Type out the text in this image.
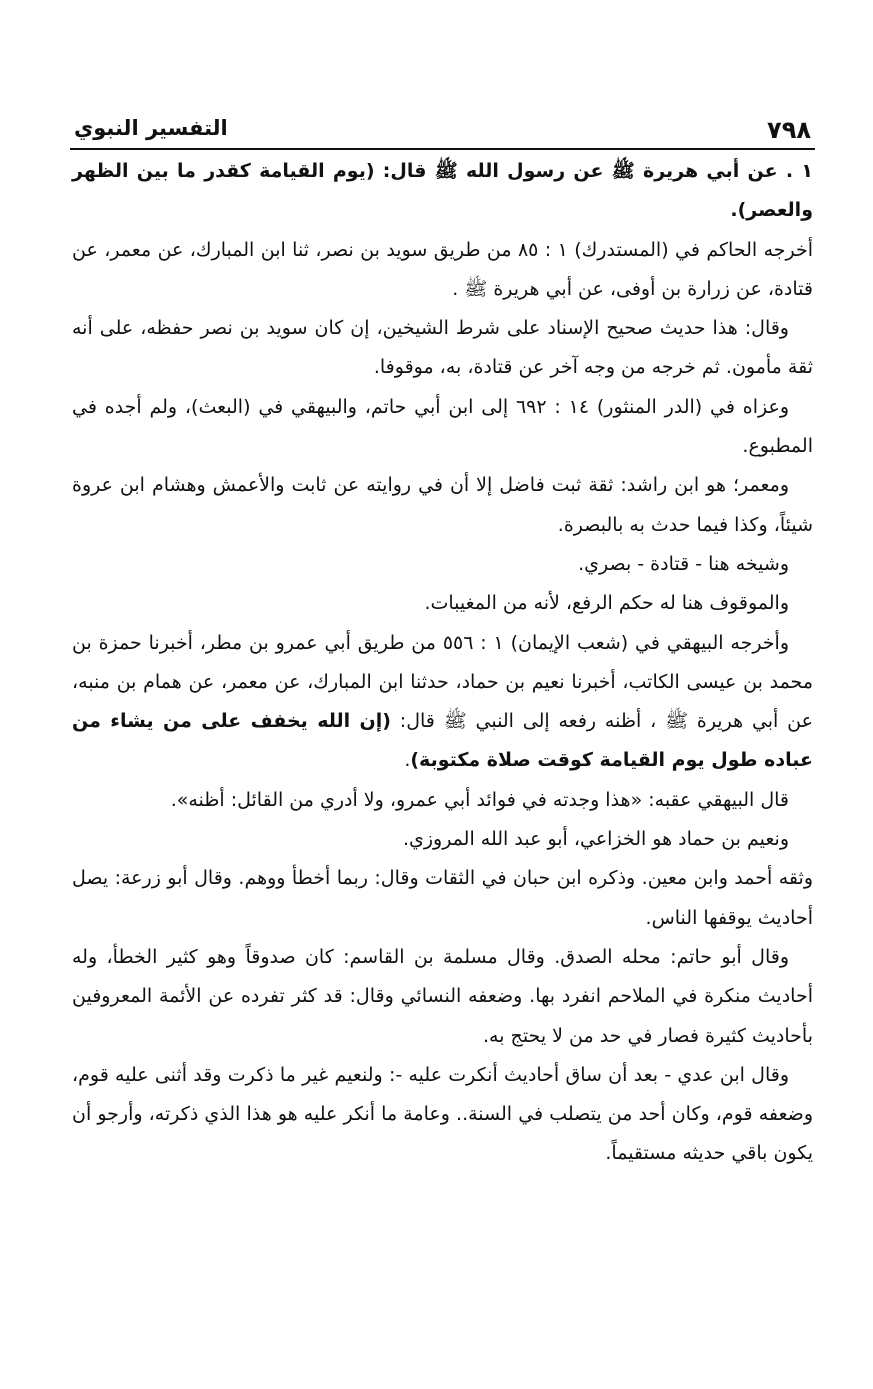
٧٩٨
التفسير النبوي

١ . عن أبي هريرة ﷺ عن رسول الله ﷺ قال: (يوم القيامة كقدر ما بين الظهر والعصر).

أخرجه الحاكم في (المستدرك) ١ : ٨٥ من طريق سويد بن نصر، ثنا ابن المبارك، عن معمر، عن قتادة، عن زرارة بن أوفى، عن أبي هريرة ﷺ .

وقال: هذا حديث صحيح الإسناد على شرط الشيخين، إن كان سويد بن نصر حفظه، على أنه ثقة مأمون. ثم خرجه من وجه آخر عن قتادة، به، موقوفا.

وعزاه في (الدر المنثور) ١٤ : ٦٩٢ إلى ابن أبي حاتم، والبيهقي في (البعث)، ولم أجده في المطبوع.

ومعمر؛ هو ابن راشد: ثقة ثبت فاضل إلا أن في روايته عن ثابت والأعمش وهشام ابن عروة شيئاً، وكذا فيما حدث به بالبصرة.

وشيخه هنا - قتادة - بصري.

والموقوف هنا له حكم الرفع، لأنه من المغيبات.

وأخرجه البيهقي في (شعب الإيمان) ١ : ٥٥٦ من طريق أبي عمرو بن مطر، أخبرنا حمزة بن محمد بن عيسى الكاتب، أخبرنا نعيم بن حماد، حدثنا ابن المبارك، عن معمر، عن همام بن منبه، عن أبي هريرة ﷺ ، أظنه رفعه إلى النبي ﷺ قال: (إن الله يخفف على من يشاء من عباده طول يوم القيامة كوقت صلاة مكتوبة).

قال البيهقي عقبه: «هذا وجدته في فوائد أبي عمرو، ولا أدري من القائل: أظنه».

ونعيم بن حماد هو الخزاعي، أبو عبد الله المروزي.

وثقه أحمد وابن معين. وذكره ابن حبان في الثقات وقال: ربما أخطأ ووهم. وقال أبو زرعة: يصل أحاديث يوقفها الناس.

وقال أبو حاتم: محله الصدق. وقال مسلمة بن القاسم: كان صدوقاً وهو كثير الخطأ، وله أحاديث منكرة في الملاحم انفرد بها. وضعفه النسائي وقال: قد كثر تفرده عن الأئمة المعروفين بأحاديث كثيرة فصار في حد من لا يحتج به.

وقال ابن عدي - بعد أن ساق أحاديث أنكرت عليه -: ولنعيم غير ما ذكرت وقد أثنى عليه قوم، وضعفه قوم، وكان أحد من يتصلب في السنة.. وعامة ما أنكر عليه هو هذا الذي ذكرته، وأرجو أن يكون باقي حديثه مستقيماً.
